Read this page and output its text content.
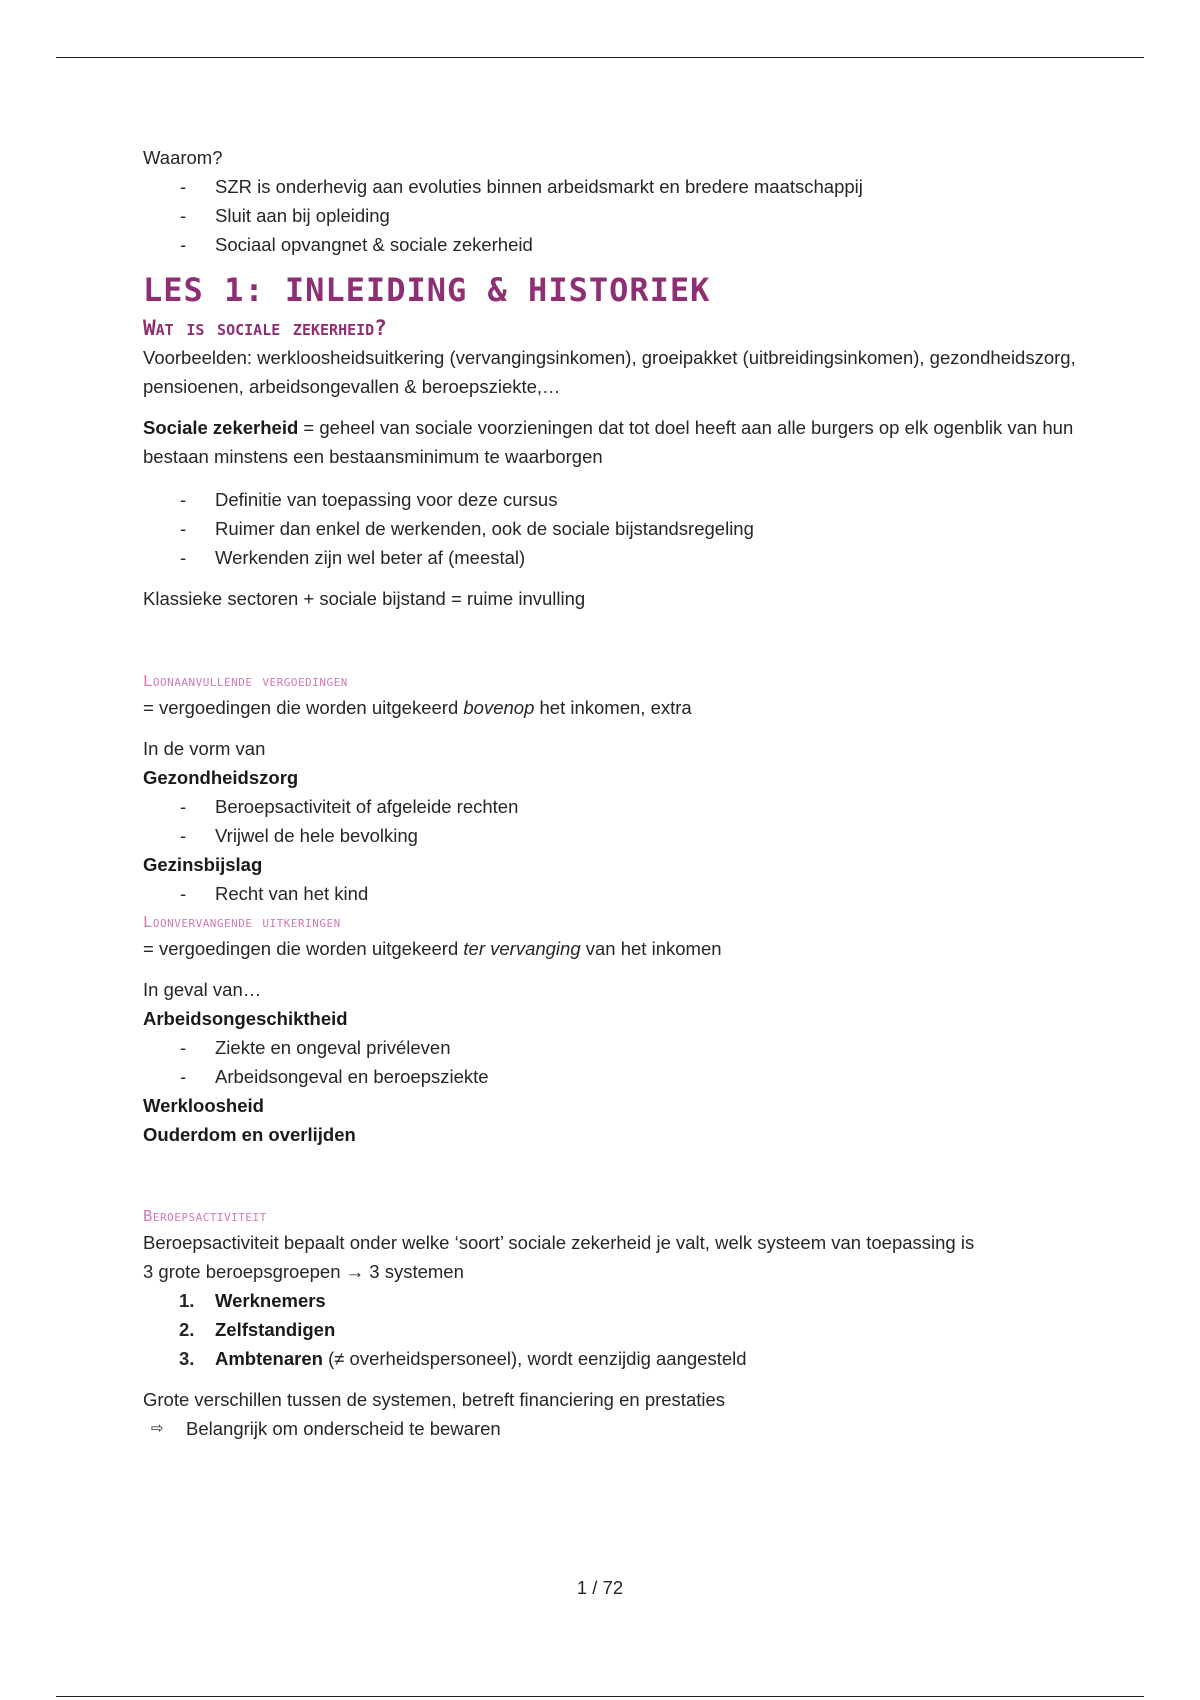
Waarom?

- SZR is onderhevig aan evoluties binnen arbeidsmarkt en bredere maatschappij
- Sluit aan bij opleiding
- Sociaal opvangnet & sociale zekerheid
LES 1: INLEIDING & HISTORIEK
Wat is sociale zekerheid?

Voorbeelden: werkloosheidsuitkering (vervangingsinkomen), groeipakket (uitbreidingsinkomen), gezondheidszorg, pensioenen, arbeidsongevallen & beroepsziekte,…

Sociale zekerheid = geheel van sociale voorzieningen dat tot doel heeft aan alle burgers op elk ogenblik van hun bestaan minstens een bestaansminimum te waarborgen

- Definitie van toepassing voor deze cursus
- Ruimer dan enkel de werkenden, ook de sociale bijstandsregeling
- Werkenden zijn wel beter af (meestal)

Klassieke sectoren + sociale bijstand = ruime invulling

Loonaanvullende vergoedingen

= vergoedingen die worden uitgekeerd bovenop het inkomen, extra

In de vorm van

Gezondheidszorg

- Beroepsactiviteit of afgeleide rechten
- Vrijwel de hele bevolking

Gezinsbijslag

- Recht van het kind
Loonvervangende uitkeringen

= vergoedingen die worden uitgekeerd ter vervanging van het inkomen

In geval van…

Arbeidsongeschiktheid

- Ziekte en ongeval privéleven
- Arbeidsongeval en beroepsziekte

Werkloosheid

Ouderdom en overlijden

Beroepsactiviteit

Beroepsactiviteit bepaalt onder welke ‘soort’ sociale zekerheid je valt, welk systeem van toepassing is

3 grote beroepsgroepen → 3 systemen

1. Werknemers
2. Zelfstandigen
3. Ambtenaren (≠ overheidspersoneel), wordt eenzijdig aangesteld

Grote verschillen tussen de systemen, betreft financiering en prestaties

⇨ Belangrijk om onderscheid te bewaren

1 / 72
